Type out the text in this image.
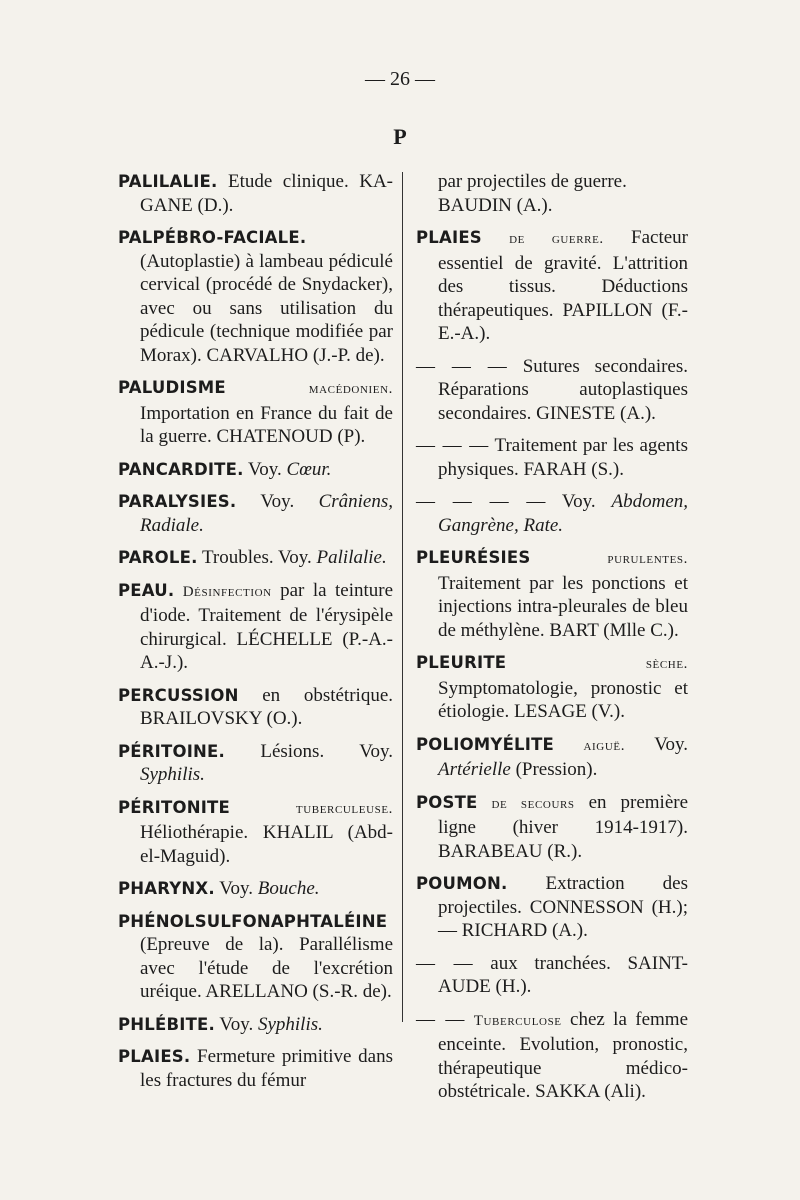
— 26 —
P
PALILALIE. Etude clinique. KA-GANE (D.).
PALPÉBRO-FACIALE. (Autoplastie) à lambeau pédiculé cervical (procédé de Snydacker), avec ou sans utilisation du pédicule (technique modifiée par Morax). CARVALHO (J.-P. de).
PALUDISME	macédonien. Importation en France du fait de la guerre. CHATENOUD (P).
PANCARDITE. Voy. Cœur.
PARALYSIES. Voy. Crâniens, Radiale.
PAROLE. Troubles. Voy. Palilalie.
PEAU. Désinfection par la teinture d'iode. Traitement de l'érysipèle chirurgical. LÉCHELLE (P.-A.-A.-J.).
PERCUSSION en obstétrique. BRAILOVSKY (O.).
PÉRITOINE. Lésions. Voy. Syphilis.
PÉRITONITE	tuberculeuse. Héliothérapie. KHALIL (Abd-el-Maguid).
PHARYNX. Voy. Bouche.
PHÉNOLSULFONAPHTALÉINE (Epreuve de la). Parallélisme avec l'étude de l'excrétion uréique. ARELLANO (S.-R. de).
PHLÉBITE. Voy. Syphilis.
PLAIES. Fermeture primitive dans les fractures du fémur
par projectiles de guerre. BAUDIN (A.).
PLAIES de guerre. Facteur essentiel de gravité. L'attrition des tissus. Déductions thérapeutiques. PAPILLON (F.-E.-A.).
— — — Sutures secondaires. Réparations autoplastiques secondaires. GINESTE (A.).
— — — Traitement par les agents physiques. FARAH (S.).
— — — — Voy. Abdomen, Gangrène, Rate.
PLEURÉSIES	purulentes. Traitement par les ponctions et injections intra-pleurales de bleu de méthylène. BART (Mlle C.).
PLEURITE	sèche. Symptomatologie, pronostic et étiologie. LESAGE (V.).
POLIOMYÉLITE aiguë. Voy. Artérielle (Pression).
POSTE de secours en première ligne (hiver 1914-1917). BARABEAU (R.).
POUMON. Extraction des projectiles. CONNESSON (H.); — RICHARD (A.).
— — aux tranchées. SAINT-AUDE (H.).
— — Tuberculose chez la femme enceinte. Evolution, pronostic, thérapeutique médico-obstétricale. SAKKA (Ali).
